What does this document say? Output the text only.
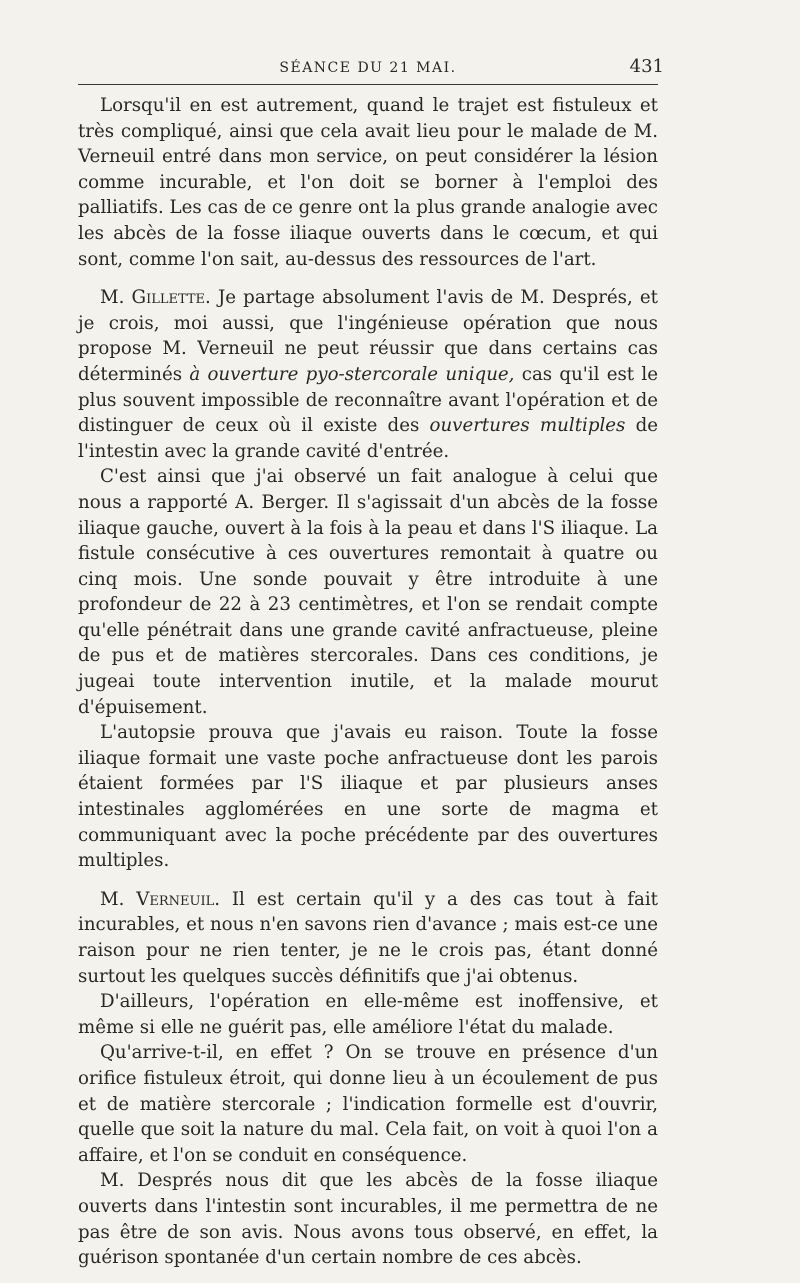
SÉANCE DU 21 MAI.	431

Lorsqu'il en est autrement, quand le trajet est fistuleux et très compliqué, ainsi que cela avait lieu pour le malade de M. Verneuil entré dans mon service, on peut considérer la lésion comme incurable, et l'on doit se borner à l'emploi des palliatifs. Les cas de ce genre ont la plus grande analogie avec les abcès de la fosse iliaque ouverts dans le cœcum, et qui sont, comme l'on sait, au-dessus des ressources de l'art.

M. Gillette. Je partage absolument l'avis de M. Després, et je crois, moi aussi, que l'ingénieuse opération que nous propose M. Verneuil ne peut réussir que dans certains cas déterminés à ouverture pyo-stercorale unique, cas qu'il est le plus souvent impossible de reconnaître avant l'opération et de distinguer de ceux où il existe des ouvertures multiples de l'intestin avec la grande cavité d'entrée.

C'est ainsi que j'ai observé un fait analogue à celui que nous a rapporté A. Berger. Il s'agissait d'un abcès de la fosse iliaque gauche, ouvert à la fois à la peau et dans l'S iliaque. La fistule consécutive à ces ouvertures remontait à quatre ou cinq mois. Une sonde pouvait y être introduite à une profondeur de 22 à 23 centimètres, et l'on se rendait compte qu'elle pénétrait dans une grande cavité anfractueuse, pleine de pus et de matières stercorales. Dans ces conditions, je jugeai toute intervention inutile, et la malade mourut d'épuisement.

L'autopsie prouva que j'avais eu raison. Toute la fosse iliaque formait une vaste poche anfractueuse dont les parois étaient formées par l'S iliaque et par plusieurs anses intestinales agglomérées en une sorte de magma et communiquant avec la poche précédente par des ouvertures multiples.

M. Verneuil. Il est certain qu'il y a des cas tout à fait incurables, et nous n'en savons rien d'avance ; mais est-ce une raison pour ne rien tenter, je ne le crois pas, étant donné surtout les quelques succès définitifs que j'ai obtenus.

D'ailleurs, l'opération en elle-même est inoffensive, et même si elle ne guérit pas, elle améliore l'état du malade.

Qu'arrive-t-il, en effet ? On se trouve en présence d'un orifice fistuleux étroit, qui donne lieu à un écoulement de pus et de matière stercorale ; l'indication formelle est d'ouvrir, quelle que soit la nature du mal. Cela fait, on voit à quoi l'on a affaire, et l'on se conduit en conséquence.

M. Després nous dit que les abcès de la fosse iliaque ouverts dans l'intestin sont incurables, il me permettra de ne pas être de son avis. Nous avons tous observé, en effet, la guérison spontanée d'un certain nombre de ces abcès.
